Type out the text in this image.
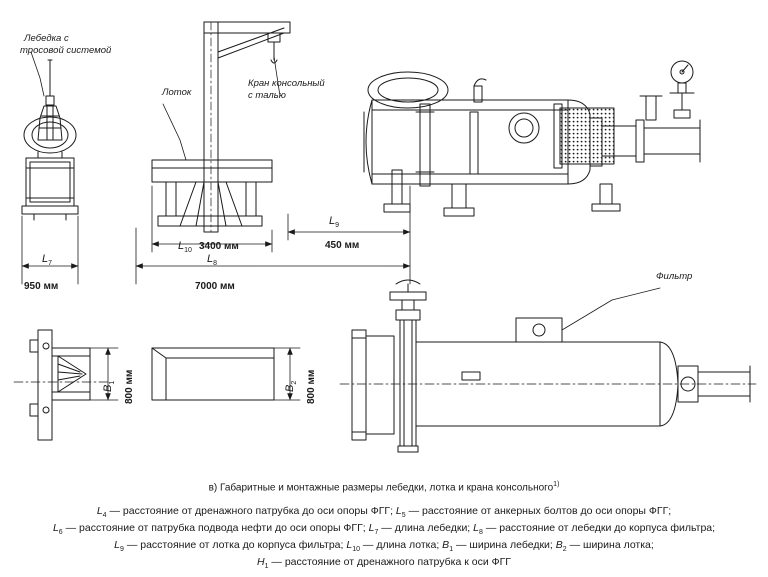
Лебедка с
тросовой системой
Лоток
Кран консольный
с талью
Фильтр
$L_7$
950 мм
$L_{10}$ 3400 мм
$L_8$
7000 мм
$L_9$
450 мм
$B_1$ 800 мм	$B_2$ 800 мм
в) Габаритные и монтажные размеры лебедки, лотка и крана консольного$^{1)}$
$L_4$ — расстояние от дренажного патрубка до оси опоры ФГГ; $L_5$ — расстояние от анкерных болтов до оси опоры ФГГ;
$L_6$ — расстояние от патрубка подвода нефти до оси опоры ФГГ; $L_7$ — длина лебедки; $L_8$ — расстояние от лебедки до корпуса фильтра;
$L_9$ — расстояние от лотка до корпуса фильтра; $L_{10}$ — длина лотка; $B_1$ — ширина лебедки; $B_2$ — ширина лотка;
$H_1$ — расстояние от дренажного патрубка к оси ФГГ
